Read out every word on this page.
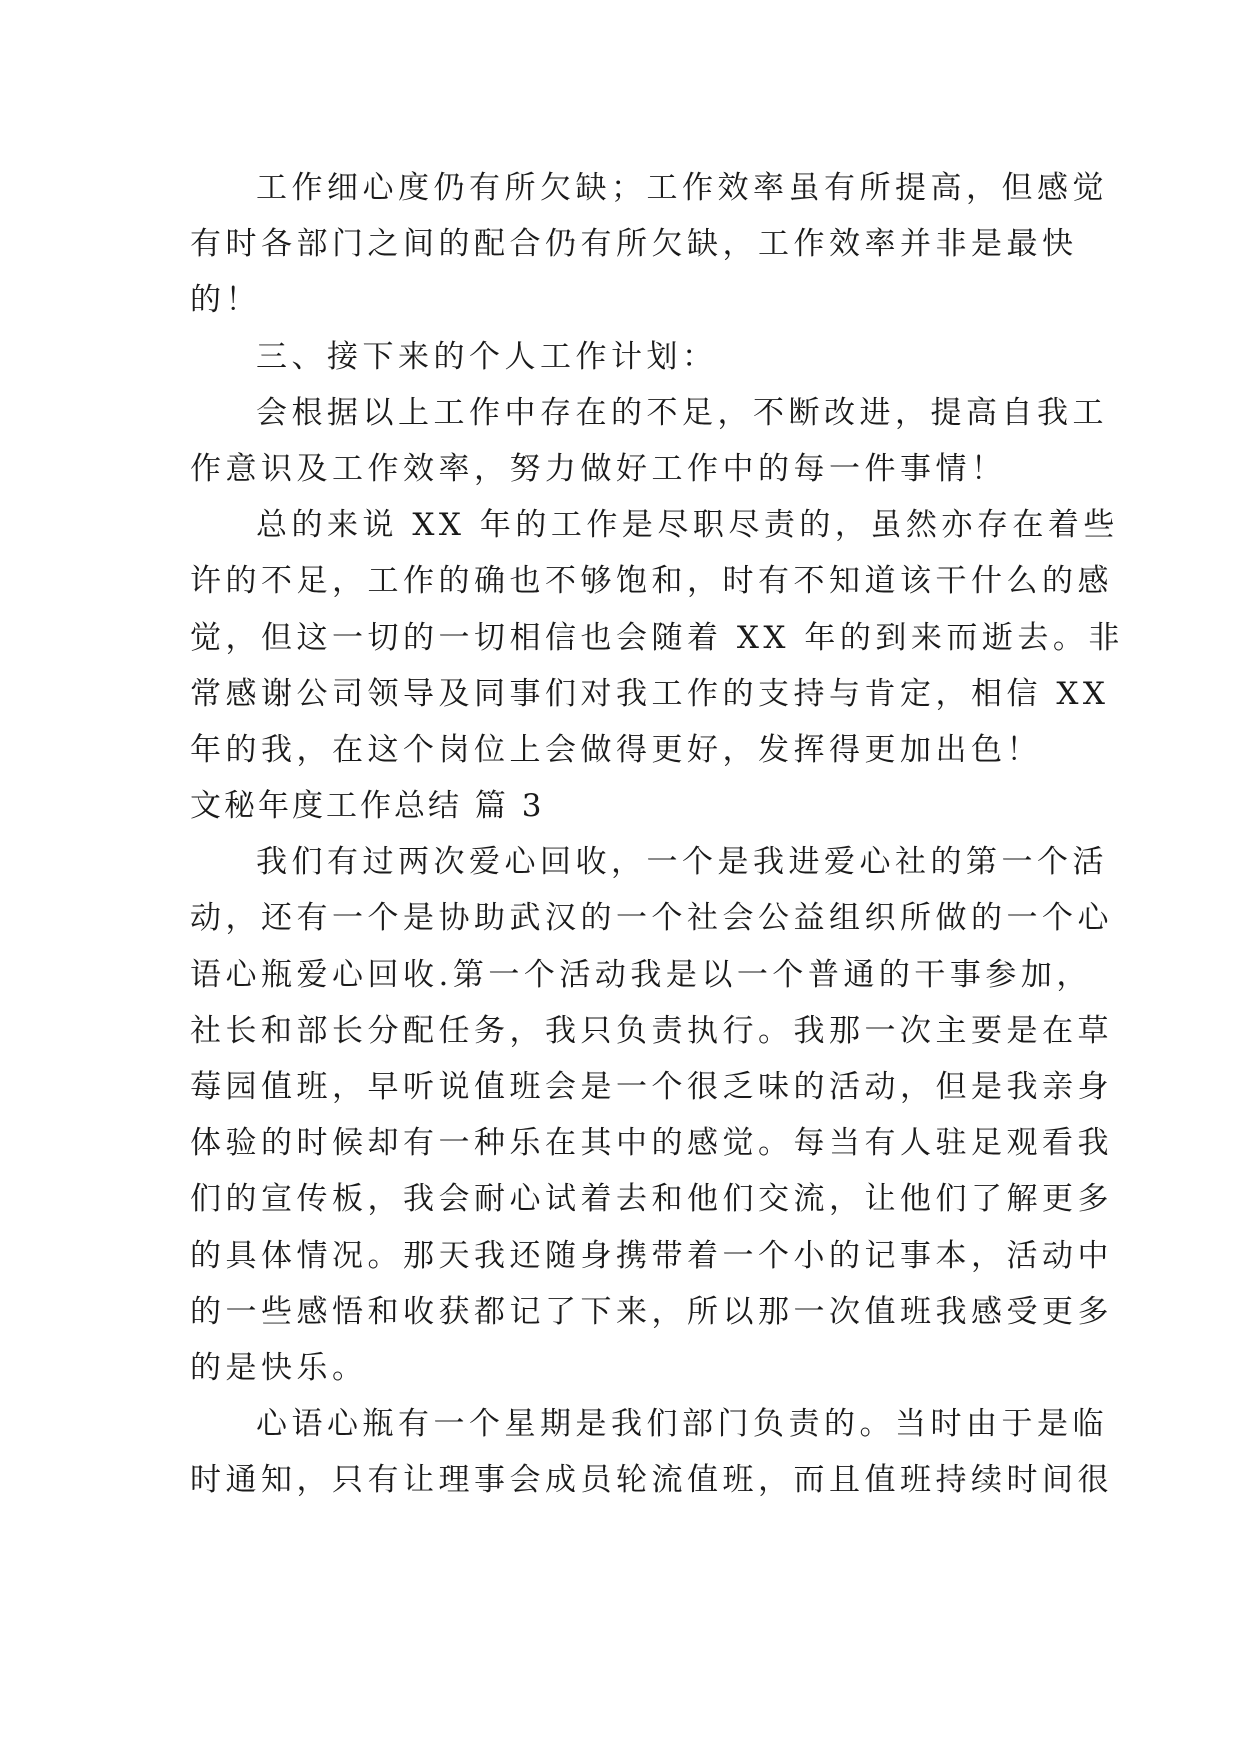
工作细心度仍有所欠缺；工作效率虽有所提高，但感觉
有时各部门之间的配合仍有所欠缺，工作效率并非是最快
的！
三、接下来的个人工作计划：
会根据以上工作中存在的不足，不断改进，提高自我工
作意识及工作效率，努力做好工作中的每一件事情！
总的来说 XX 年的工作是尽职尽责的，虽然亦存在着些
许的不足，工作的确也不够饱和，时有不知道该干什么的感
觉，但这一切的一切相信也会随着 XX 年的到来而逝去。非
常感谢公司领导及同事们对我工作的支持与肯定，相信 XX
年的我，在这个岗位上会做得更好，发挥得更加出色！
文秘年度工作总结 篇 3
我们有过两次爱心回收，一个是我进爱心社的第一个活
动，还有一个是协助武汉的一个社会公益组织所做的一个心
语心瓶爱心回收.第一个活动我是以一个普通的干事参加，
社长和部长分配任务，我只负责执行。我那一次主要是在草
莓园值班，早听说值班会是一个很乏味的活动，但是我亲身
体验的时候却有一种乐在其中的感觉。每当有人驻足观看我
们的宣传板，我会耐心试着去和他们交流，让他们了解更多
的具体情况。那天我还随身携带着一个小的记事本，活动中
的一些感悟和收获都记了下来，所以那一次值班我感受更多
的是快乐。
心语心瓶有一个星期是我们部门负责的。当时由于是临
时通知，只有让理事会成员轮流值班，而且值班持续时间很
